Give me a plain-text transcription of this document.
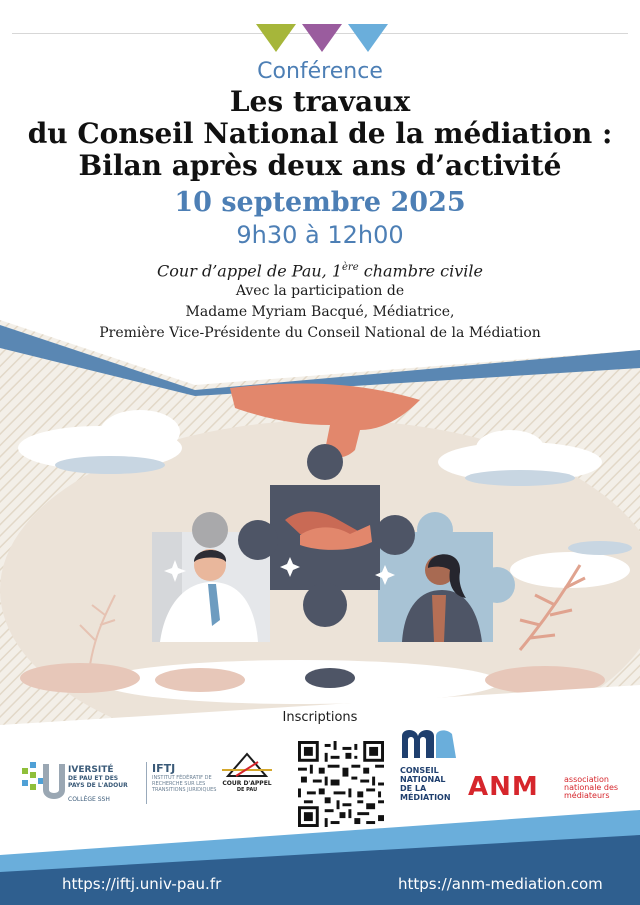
Conférence
Les travaux
du Conseil National de la médiation :
Bilan après deux ans d’activité
10 septembre 2025
9h30 à 12h00
Cour d’appel de Pau, 1ère chambre civile
Avec la participation de
Madame Myriam Bacqué, Médiatrice,
Première Vice-Présidente du Conseil National de la Médiation
Inscriptions
IVERSITÉ
DE PAU ET DES
PAYS DE L'ADOUR
COLLÈGE SSH
IFTJ
INSTITUT FÉDÉRATIF DE RECHERCHE SUR LES TRANSITIONS JURIDIQUES
COUR D'APPEL
DE PAU
CONSEIL
NATIONAL
DE LA
MÉDIATION ANM	association
nationale des
médiateurs
https://iftj.univ-pau.fr	https://anm-mediation.com
